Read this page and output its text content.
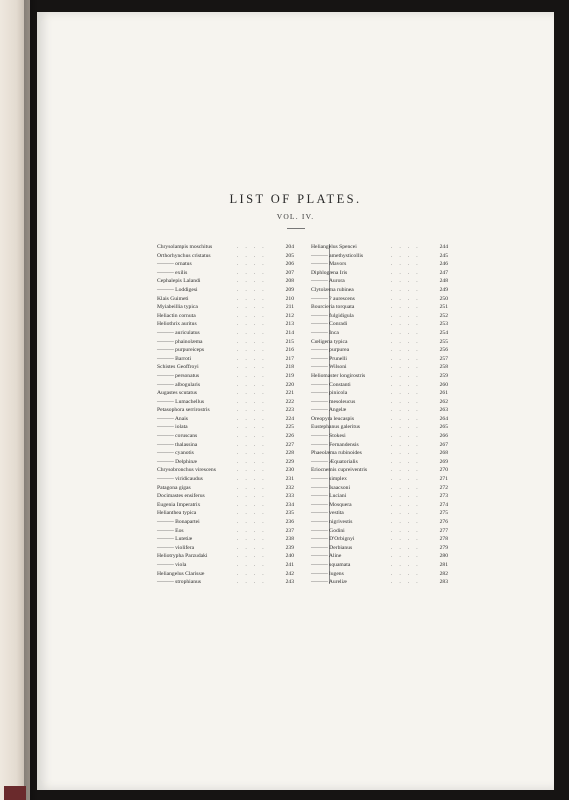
LIST OF PLATES.
VOL. IV.
Chrysolampis moschitus	....	204
Orthorhynchus cristatus	....	205
——— ornatus	....	206
——— exilis	....	207
Cephalepis Lalandi	....	208
——— Loddigesi	....	209
Klais Guimeti	....	210
Myiabeillia typica	....	211
Heliactin cornuta	....	212
Heliothrix auritus	....	213
——— auriculatus	....	214
——— phainolæma	....	215
——— purpureiceps	....	216
——— Barroti	....	217
Schistes Geoffroyi	....	218
——— personatus	....	219
——— albogularis	....	220
Augastes scutatus	....	221
——— Lumachellus	....	222
Petasophora serrirostris	....	223
——— Anais	....	224
——— iolata	....	225
——— coruscans	....	226
——— thalassina	....	227
——— cyanotis	....	228
——— Delphinæ	....	229
Chrysobronchus virescens	....	230
——— viridicaudus	....	231
Patagona gigas	....	232
Docimastes ensiferus	....	233
Eugenia Imperatrix	....	234
Helianthea typica	....	235
——— Bonapartei	....	236
——— Eos	....	237
——— Lutetiæ	....	238
——— violifera	....	239
Heliotrypha Parzudaki	....	240
——— viola	....	241
Heliangelus Clarissæ	....	242
——— strophianus	....	243
Heliangelus Spencei	....	244
——— amethysticollis	....	245
——— Mavors	....	246
Diphlogæna Iris	....	247
——— Aurora	....	248
Clytolæma rubinea	....	249
——— ? aurescens	....	250
Bourcieria torquata	....	251
——— fulgidigula	....	252
——— Conradi	....	253
——— Inca	....	254
Cœligena typica	....	255
——— purpurea	....	256
——— Prunelli	....	257
——— Wilsoni	....	258
Heliomaster longirostris	....	259
——— Constanti	....	260
——— pinicola	....	261
——— mesoleucus	....	262
——— Angelæ	....	263
Oreopyra leucaspis	....	264
Eustephanus galeritus	....	265
——— Stokesi	....	266
——— Fernandensis	....	267
Phaeolæma rubinoides	....	268
——— Æquatorialis	....	269
Eriocnemis cupreiventris	....	270
——— simplex	....	271
——— Isaacsoni	....	272
——— Luciani	....	273
——— Mosquera	....	274
——— vestita	....	275
——— nigrivestis	....	276
——— Godini	....	277
——— D'Orbignyi	....	278
——— Derbianus	....	279
——— Aline	....	280
——— squamata	....	281
——— lugens	....	282
——— Aureliæ	....	283
